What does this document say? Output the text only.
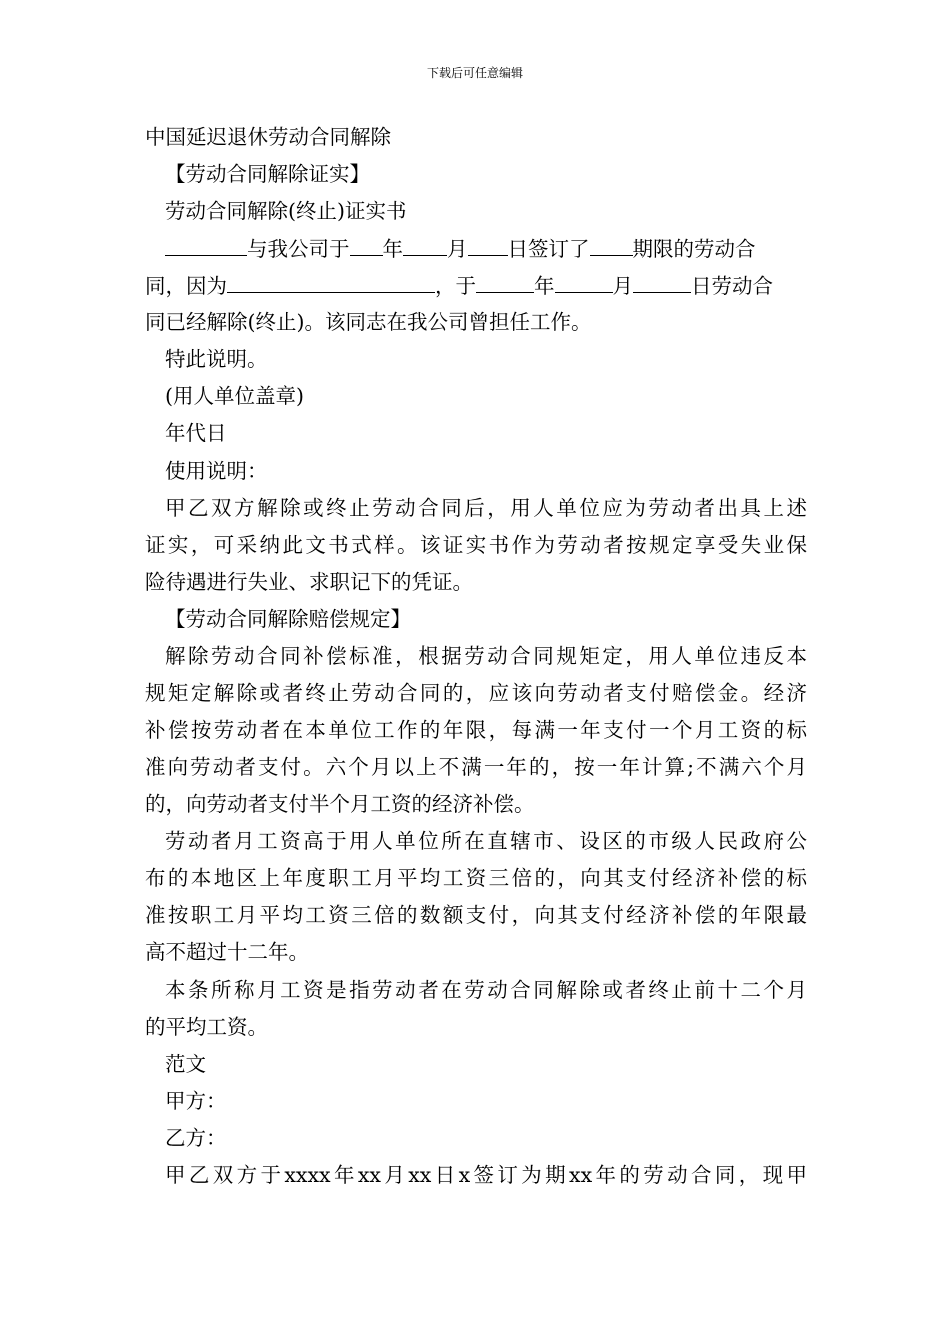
下载后可任意编辑
中国延迟退休劳动合同解除
【劳动合同解除证实】
劳动合同解除(终止)证实书
与我公司于 年 月 日签订了 期限的劳动合
同，因为	，于	年	月	日劳动合
同已经解除(终止)。该同志在我公司曾担任工作。
特此说明。
(用人单位盖章)
年代日
使用说明：
甲乙双方解除或终止劳动合同后，用人单位应为劳动者出具上述
证实，可采纳此文书式样。该证实书作为劳动者按规定享受失业保
险待遇进行失业、求职记下的凭证。
【劳动合同解除赔偿规定】
解除劳动合同补偿标准，根据劳动合同规矩定，用人单位违反本
规矩定解除或者终止劳动合同的，应该向劳动者支付赔偿金。经济
补偿按劳动者在本单位工作的年限，每满一年支付一个月工资的标
准向劳动者支付。六个月以上不满一年的，按一年计算;不满六个月
的，向劳动者支付半个月工资的经济补偿。
劳动者月工资高于用人单位所在直辖市、设区的市级人民政府公
布的本地区上年度职工月平均工资三倍的，向其支付经济补偿的标
准按职工月平均工资三倍的数额支付，向其支付经济补偿的年限最
高不超过十二年。
本条所称月工资是指劳动者在劳动合同解除或者终止前十二个月
的平均工资。
范文
甲方：
乙方：
甲乙双方于xxxx年xx月xx日x签订为期xx年的劳动合同，现甲
